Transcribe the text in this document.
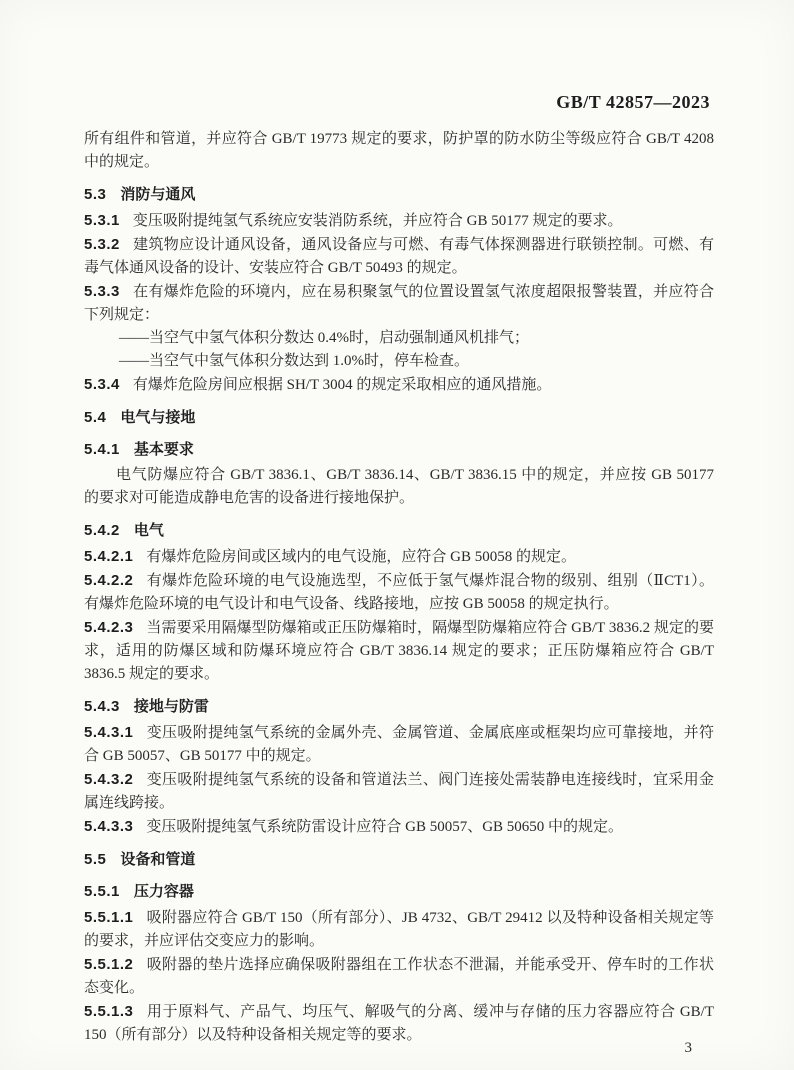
GB/T 42857—2023

所有组件和管道，并应符合 GB/T 19773 规定的要求，防护罩的防水防尘等级应符合 GB/T 4208 中的规定。

5.3 消防与通风

5.3.1 变压吸附提纯氢气系统应安装消防系统，并应符合 GB 50177 规定的要求。

5.3.2 建筑物应设计通风设备，通风设备应与可燃、有毒气体探测器进行联锁控制。可燃、有毒气体通风设备的设计、安装应符合 GB/T 50493 的规定。

5.3.3 在有爆炸危险的环境内，应在易积聚氢气的位置设置氢气浓度超限报警装置，并应符合下列规定：

——当空气中氢气体积分数达 0.4%时，启动强制通风机排气；

——当空气中氢气体积分数达到 1.0%时，停车检查。

5.3.4 有爆炸危险房间应根据 SH/T 3004 的规定采取相应的通风措施。

5.4 电气与接地

5.4.1 基本要求

电气防爆应符合 GB/T 3836.1、GB/T 3836.14、GB/T 3836.15 中的规定，并应按 GB 50177 的要求对可能造成静电危害的设备进行接地保护。

5.4.2 电气

5.4.2.1 有爆炸危险房间或区域内的电气设施，应符合 GB 50058 的规定。

5.4.2.2 有爆炸危险环境的电气设施选型，不应低于氢气爆炸混合物的级别、组别（ⅡCT1）。有爆炸危险环境的电气设计和电气设备、线路接地，应按 GB 50058 的规定执行。

5.4.2.3 当需要采用隔爆型防爆箱或正压防爆箱时，隔爆型防爆箱应符合 GB/T 3836.2 规定的要求，适用的防爆区域和防爆环境应符合 GB/T 3836.14 规定的要求；正压防爆箱应符合 GB/T 3836.5 规定的要求。

5.4.3 接地与防雷

5.4.3.1 变压吸附提纯氢气系统的金属外壳、金属管道、金属底座或框架均应可靠接地，并符合 GB 50057、GB 50177 中的规定。

5.4.3.2 变压吸附提纯氢气系统的设备和管道法兰、阀门连接处需装静电连接线时，宜采用金属连线跨接。

5.4.3.3 变压吸附提纯氢气系统防雷设计应符合 GB 50057、GB 50650 中的规定。

5.5 设备和管道

5.5.1 压力容器

5.5.1.1 吸附器应符合 GB/T 150（所有部分）、JB 4732、GB/T 29412 以及特种设备相关规定等的要求，并应评估交变应力的影响。

5.5.1.2 吸附器的垫片选择应确保吸附器组在工作状态不泄漏，并能承受开、停车时的工作状态变化。

5.5.1.3 用于原料气、产品气、均压气、解吸气的分离、缓冲与存储的压力容器应符合 GB/T 150（所有部分）以及特种设备相关规定等的要求。

3
